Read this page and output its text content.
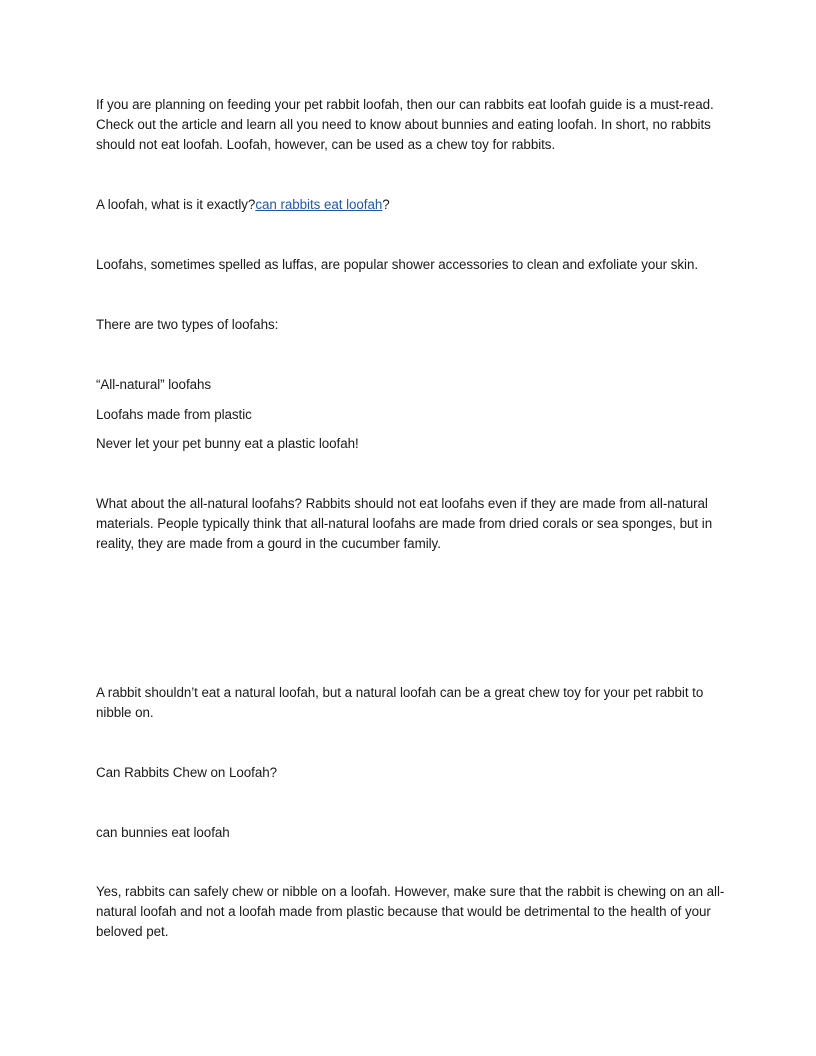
If you are planning on feeding your pet rabbit loofah, then our can rabbits eat loofah guide is a must-read. Check out the article and learn all you need to know about bunnies and eating loofah. In short, no rabbits should not eat loofah. Loofah, however, can be used as a chew toy for rabbits.

A loofah, what is it exactly?can rabbits eat loofah?

Loofahs, sometimes spelled as luffas, are popular shower accessories to clean and exfoliate your skin.

There are two types of loofahs:

“All-natural” loofahs

Loofahs made from plastic

Never let your pet bunny eat a plastic loofah!

What about the all-natural loofahs? Rabbits should not eat loofahs even if they are made from all-natural materials. People typically think that all-natural loofahs are made from dried corals or sea sponges, but in reality, they are made from a gourd in the cucumber family.

A rabbit shouldn’t eat a natural loofah, but a natural loofah can be a great chew toy for your pet rabbit to nibble on.

Can Rabbits Chew on Loofah?

can bunnies eat loofah

Yes, rabbits can safely chew or nibble on a loofah. However, make sure that the rabbit is chewing on an all-natural loofah and not a loofah made from plastic because that would be detrimental to the health of your beloved pet.
